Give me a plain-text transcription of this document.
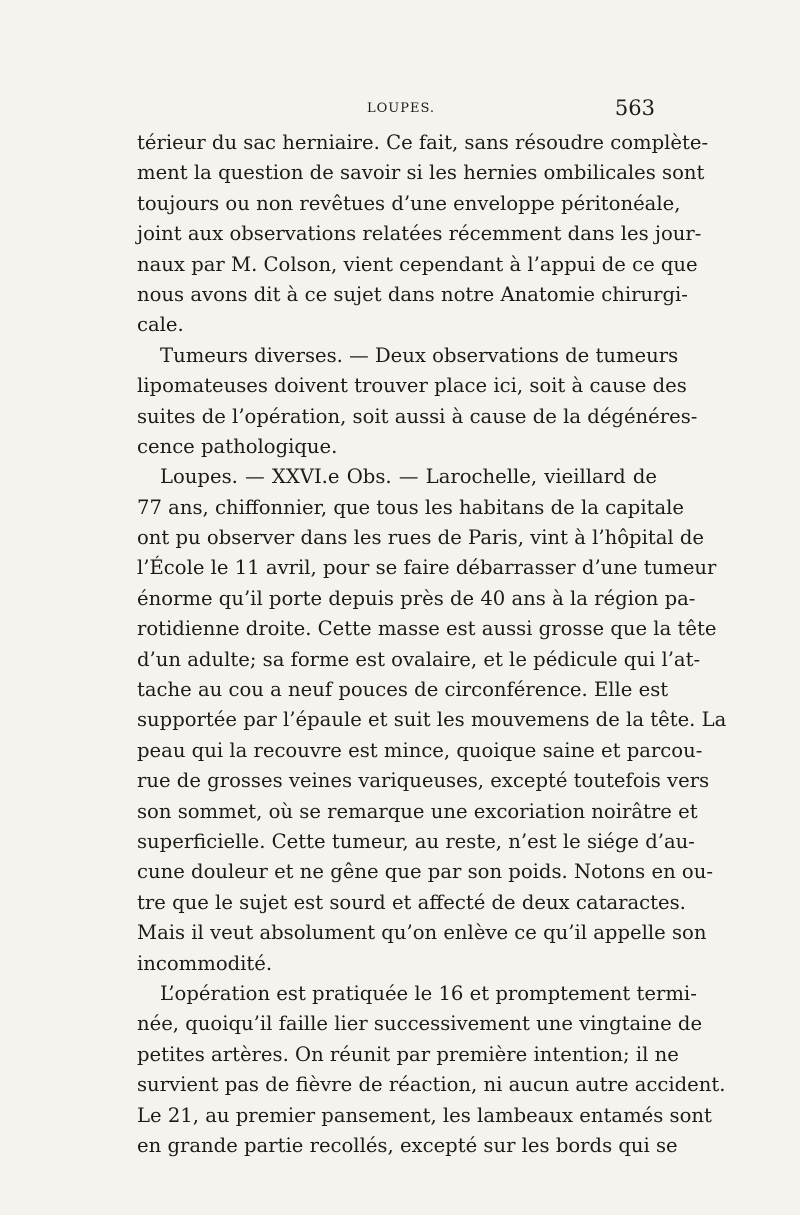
LOUPES.	563
térieur du sac herniaire. Ce fait, sans résoudre complète-
ment la question de savoir si les hernies ombilicales sont
toujours ou non revêtues d’une enveloppe péritonéale,
joint aux observations relatées récemment dans les jour-
naux par M. Colson, vient cependant à l’appui de ce que
nous avons dit à ce sujet dans notre Anatomie chirurgi-
cale.
Tumeurs diverses. — Deux observations de tumeurs
lipomateuses doivent trouver place ici, soit à cause des
suites de l’opération, soit aussi à cause de la dégénéres-
cence pathologique.
Loupes. — XXVI.e Obs. — Larochelle, vieillard de
77 ans, chiffonnier, que tous les habitans de la capitale
ont pu observer dans les rues de Paris, vint à l’hôpital de
l’École le 11 avril, pour se faire débarrasser d’une tumeur
énorme qu’il porte depuis près de 40 ans à la région pa-
rotidienne droite. Cette masse est aussi grosse que la tête
d’un adulte; sa forme est ovalaire, et le pédicule qui l’at-
tache au cou a neuf pouces de circonférence. Elle est
supportée par l’épaule et suit les mouvemens de la tête. La
peau qui la recouvre est mince, quoique saine et parcou-
rue de grosses veines variqueuses, excepté toutefois vers
son sommet, où se remarque une excoriation noirâtre et
superficielle. Cette tumeur, au reste, n’est le siége d’au-
cune douleur et ne gêne que par son poids. Notons en ou-
tre que le sujet est sourd et affecté de deux cataractes.
Mais il veut absolument qu’on enlève ce qu’il appelle son
incommodité.
L’opération est pratiquée le 16 et promptement termi-
née, quoiqu’il faille lier successivement une vingtaine de
petites artères. On réunit par première intention; il ne
survient pas de fièvre de réaction, ni aucun autre accident.
Le 21, au premier pansement, les lambeaux entamés sont
en grande partie recollés, excepté sur les bords qui se
